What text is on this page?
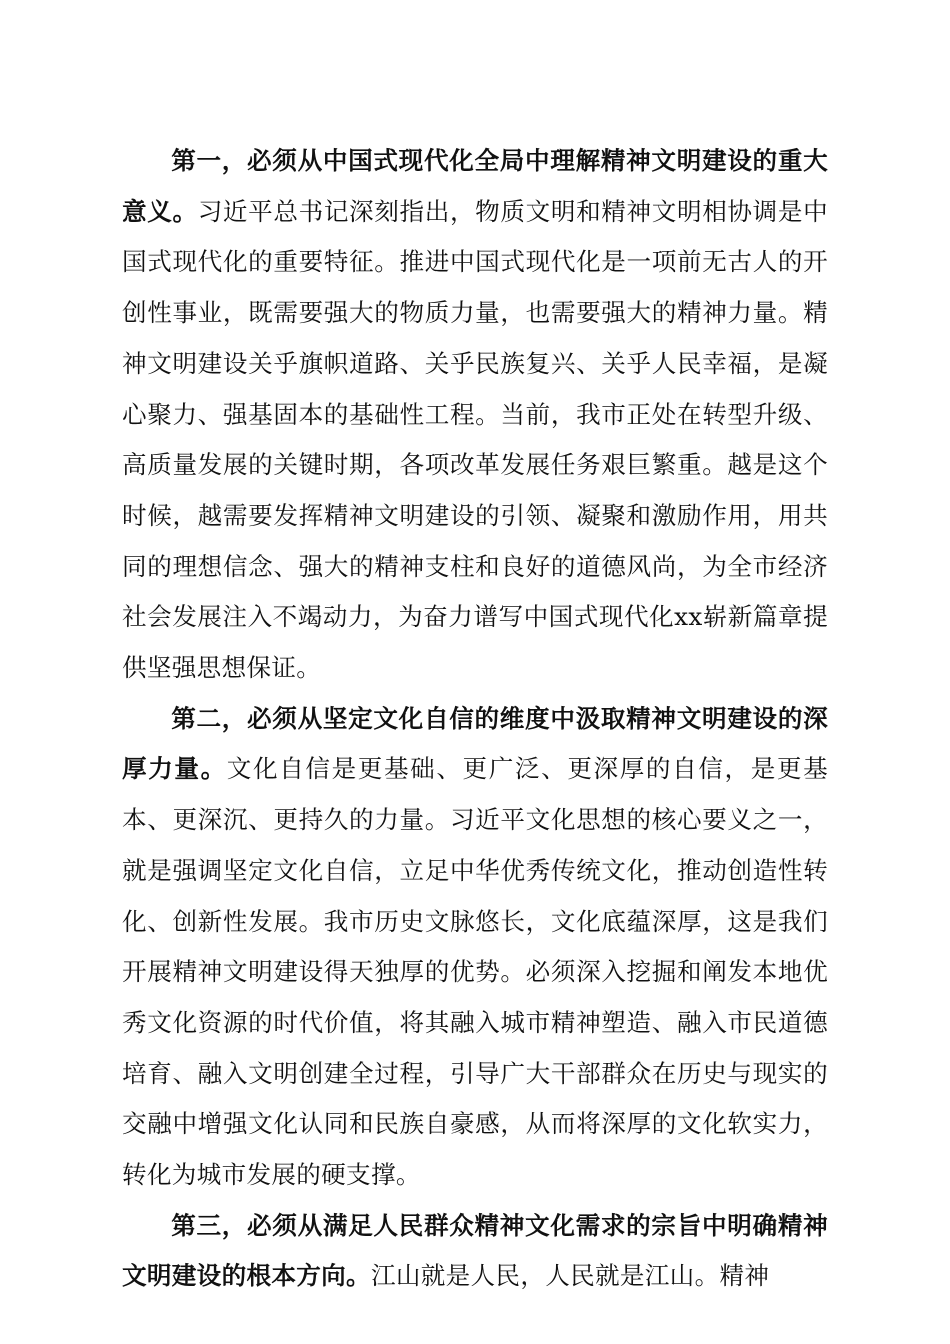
第一，必须从中国式现代化全局中理解精神文明建设的重大意义。习近平总书记深刻指出，物质文明和精神文明相协调是中国式现代化的重要特征。推进中国式现代化是一项前无古人的开创性事业，既需要强大的物质力量，也需要强大的精神力量。精神文明建设关乎旗帜道路、关乎民族复兴、关乎人民幸福，是凝心聚力、强基固本的基础性工程。当前，我市正处在转型升级、高质量发展的关键时期，各项改革发展任务艰巨繁重。越是这个时候，越需要发挥精神文明建设的引领、凝聚和激励作用，用共同的理想信念、强大的精神支柱和良好的道德风尚，为全市经济社会发展注入不竭动力，为奋力谱写中国式现代化xx崭新篇章提供坚强思想保证。

第二，必须从坚定文化自信的维度中汲取精神文明建设的深厚力量。文化自信是更基础、更广泛、更深厚的自信，是更基本、更深沉、更持久的力量。习近平文化思想的核心要义之一，就是强调坚定文化自信，立足中华优秀传统文化，推动创造性转化、创新性发展。我市历史文脉悠长，文化底蕴深厚，这是我们开展精神文明建设得天独厚的优势。必须深入挖掘和阐发本地优秀文化资源的时代价值，将其融入城市精神塑造、融入市民道德培育、融入文明创建全过程，引导广大干部群众在历史与现实的交融中增强文化认同和民族自豪感，从而将深厚的文化软实力，转化为城市发展的硬支撑。

第三，必须从满足人民群众精神文化需求的宗旨中明确精神文明建设的根本方向。江山就是人民，人民就是江山。精神
